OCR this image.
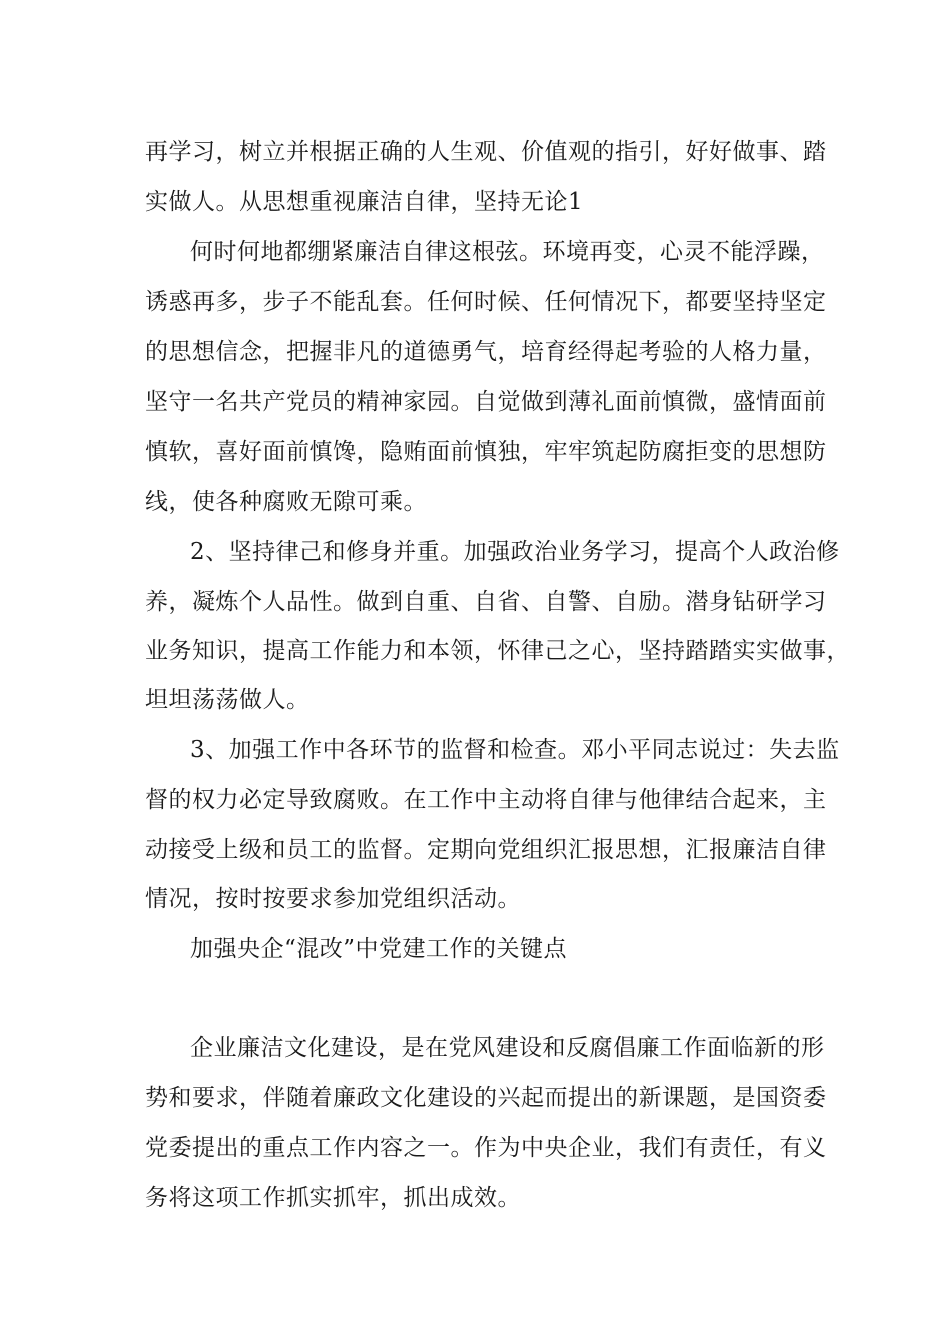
再学习，树立并根据正确的人生观、价值观的指引，好好做事、踏

实做人。从思想重视廉洁自律，坚持无论1

何时何地都绷紧廉洁自律这根弦。环境再变，心灵不能浮躁，

诱惑再多，步子不能乱套。任何时候、任何情况下，都要坚持坚定

的思想信念，把握非凡的道德勇气，培育经得起考验的人格力量，

坚守一名共产党员的精神家园。自觉做到薄礼面前慎微，盛情面前

慎软，喜好面前慎馋，隐贿面前慎独，牢牢筑起防腐拒变的思想防

线，使各种腐败无隙可乘。

2、坚持律己和修身并重。加强政治业务学习，提高个人政治修

养，凝炼个人品性。做到自重、自省、自警、自励。潜身钻研学习

业务知识，提高工作能力和本领，怀律己之心，坚持踏踏实实做事，

坦坦荡荡做人。

3、加强工作中各环节的监督和检查。邓小平同志说过：失去监

督的权力必定导致腐败。在工作中主动将自律与他律结合起来，主

动接受上级和员工的监督。定期向党组织汇报思想，汇报廉洁自律

情况，按时按要求参加党组织活动。

加强央企“混改”中党建工作的关键点

企业廉洁文化建设，是在党风建设和反腐倡廉工作面临新的形

势和要求，伴随着廉政文化建设的兴起而提出的新课题，是国资委

党委提出的重点工作内容之一。作为中央企业，我们有责任，有义

务将这项工作抓实抓牢，抓出成效。
